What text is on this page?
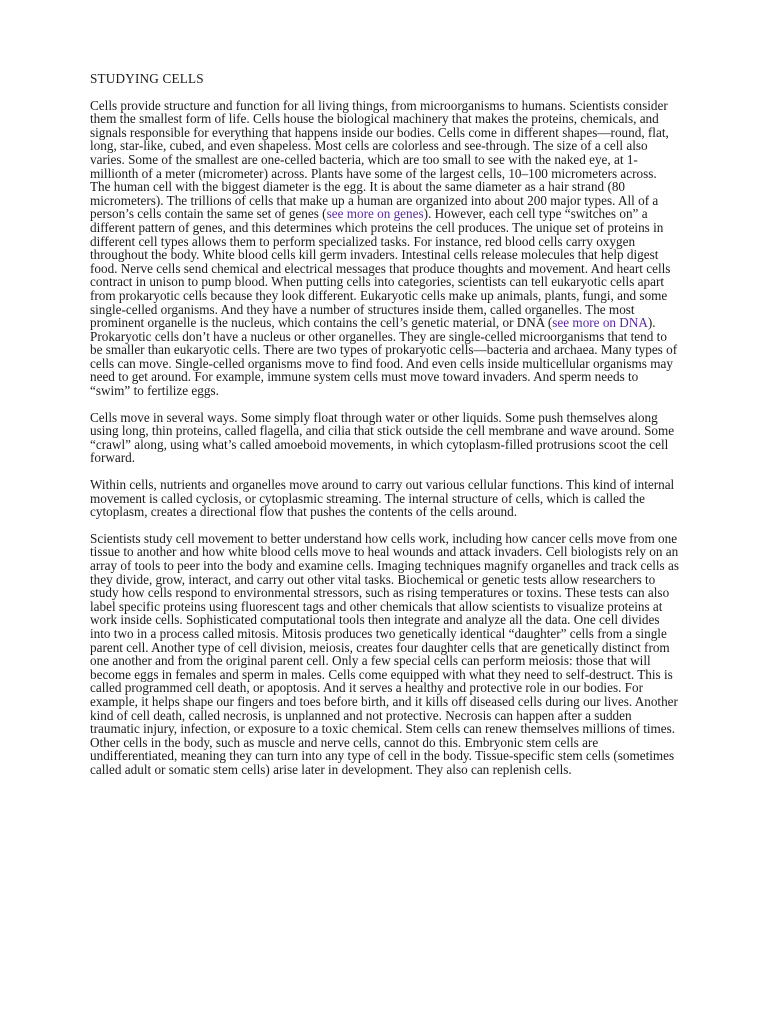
STUDYING CELLS

Cells provide structure and function for all living things, from microorganisms to humans. Scientists consider them the smallest form of life. Cells house the biological machinery that makes the proteins, chemicals, and signals responsible for everything that happens inside our bodies. Cells come in different shapes—round, flat, long, star-like, cubed, and even shapeless. Most cells are colorless and see-through. The size of a cell also varies. Some of the smallest are one-celled bacteria, which are too small to see with the naked eye, at 1-millionth of a meter (micrometer) across. Plants have some of the largest cells, 10–100 micrometers across. The human cell with the biggest diameter is the egg. It is about the same diameter as a hair strand (80 micrometers). The trillions of cells that make up a human are organized into about 200 major types. All of a person’s cells contain the same set of genes (see more on genes). However, each cell type “switches on” a different pattern of genes, and this determines which proteins the cell produces. The unique set of proteins in different cell types allows them to perform specialized tasks. For instance, red blood cells carry oxygen throughout the body. White blood cells kill germ invaders. Intestinal cells release molecules that help digest food. Nerve cells send chemical and electrical messages that produce thoughts and movement. And heart cells contract in unison to pump blood. When putting cells into categories, scientists can tell eukaryotic cells apart from prokaryotic cells because they look different. Eukaryotic cells make up animals, plants, fungi, and some single-celled organisms. And they have a number of structures inside them, called organelles. The most prominent organelle is the nucleus, which contains the cell’s genetic material, or DNA (see more on DNA). Prokaryotic cells don’t have a nucleus or other organelles. They are single-celled microorganisms that tend to be smaller than eukaryotic cells. There are two types of prokaryotic cells—bacteria and archaea. Many types of cells can move. Single-celled organisms move to find food. And even cells inside multicellular organisms may need to get around. For example, immune system cells must move toward invaders. And sperm needs to “swim” to fertilize eggs.

Cells move in several ways. Some simply float through water or other liquids. Some push themselves along using long, thin proteins, called flagella, and cilia that stick outside the cell membrane and wave around. Some “crawl” along, using what’s called amoeboid movements, in which cytoplasm-filled protrusions scoot the cell forward.

Within cells, nutrients and organelles move around to carry out various cellular functions. This kind of internal movement is called cyclosis, or cytoplasmic streaming. The internal structure of cells, which is called the cytoplasm, creates a directional flow that pushes the contents of the cells around.

Scientists study cell movement to better understand how cells work, including how cancer cells move from one tissue to another and how white blood cells move to heal wounds and attack invaders. Cell biologists rely on an array of tools to peer into the body and examine cells. Imaging techniques magnify organelles and track cells as they divide, grow, interact, and carry out other vital tasks. Biochemical or genetic tests allow researchers to study how cells respond to environmental stressors, such as rising temperatures or toxins. These tests can also label specific proteins using fluorescent tags and other chemicals that allow scientists to visualize proteins at work inside cells. Sophisticated computational tools then integrate and analyze all the data. One cell divides into two in a process called mitosis. Mitosis produces two genetically identical “daughter” cells from a single parent cell. Another type of cell division, meiosis, creates four daughter cells that are genetically distinct from one another and from the original parent cell. Only a few special cells can perform meiosis: those that will become eggs in females and sperm in males. Cells come equipped with what they need to self-destruct. This is called programmed cell death, or apoptosis. And it serves a healthy and protective role in our bodies. For example, it helps shape our fingers and toes before birth, and it kills off diseased cells during our lives. Another kind of cell death, called necrosis, is unplanned and not protective. Necrosis can happen after a sudden traumatic injury, infection, or exposure to a toxic chemical. Stem cells can renew themselves millions of times. Other cells in the body, such as muscle and nerve cells, cannot do this. Embryonic stem cells are undifferentiated, meaning they can turn into any type of cell in the body. Tissue-specific stem cells (sometimes called adult or somatic stem cells) arise later in development. They also can replenish cells.
